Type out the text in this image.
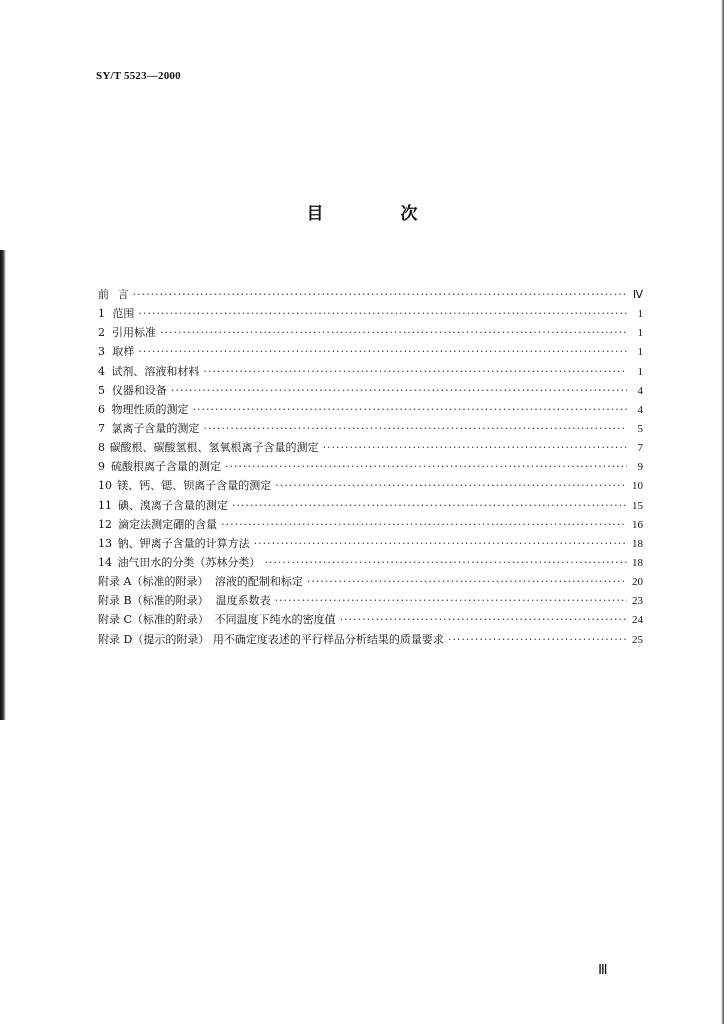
SY/T 5523—2000
目　次
前 言 ·····	Ⅳ
1 范围 ·····	1
2 引用标准 ·····	1
3 取样 ·····	1
4 试剂、溶液和材料 ·····	1
5 仪器和设备 ·····	4
6 物理性质的测定 ·····	4
7 氯离子含量的测定 ·····	5
8 碳酸根、碳酸氢根、氢氧根离子含量的测定 ·····	7
9 硫酸根离子含量的测定 ·····	9
10 镁、钙、锶、钡离子含量的测定 ·····	10
11 碘、溴离子含量的测定 ·····	15
12 滴定法测定硼的含量 ·····	16
13 钠、钾离子含量的计算方法 ·····	18
14 油气田水的分类（苏林分类） ·····	18
附录 A（标准的附录） 溶液的配制和标定 ·····	20
附录 B（标准的附录） 温度系数表 ·····	23
附录 C（标准的附录） 不同温度下纯水的密度值 ·····	24
附录 D（提示的附录） 用不确定度表述的平行样品分析结果的质量要求 ·····	25
Ⅲ
